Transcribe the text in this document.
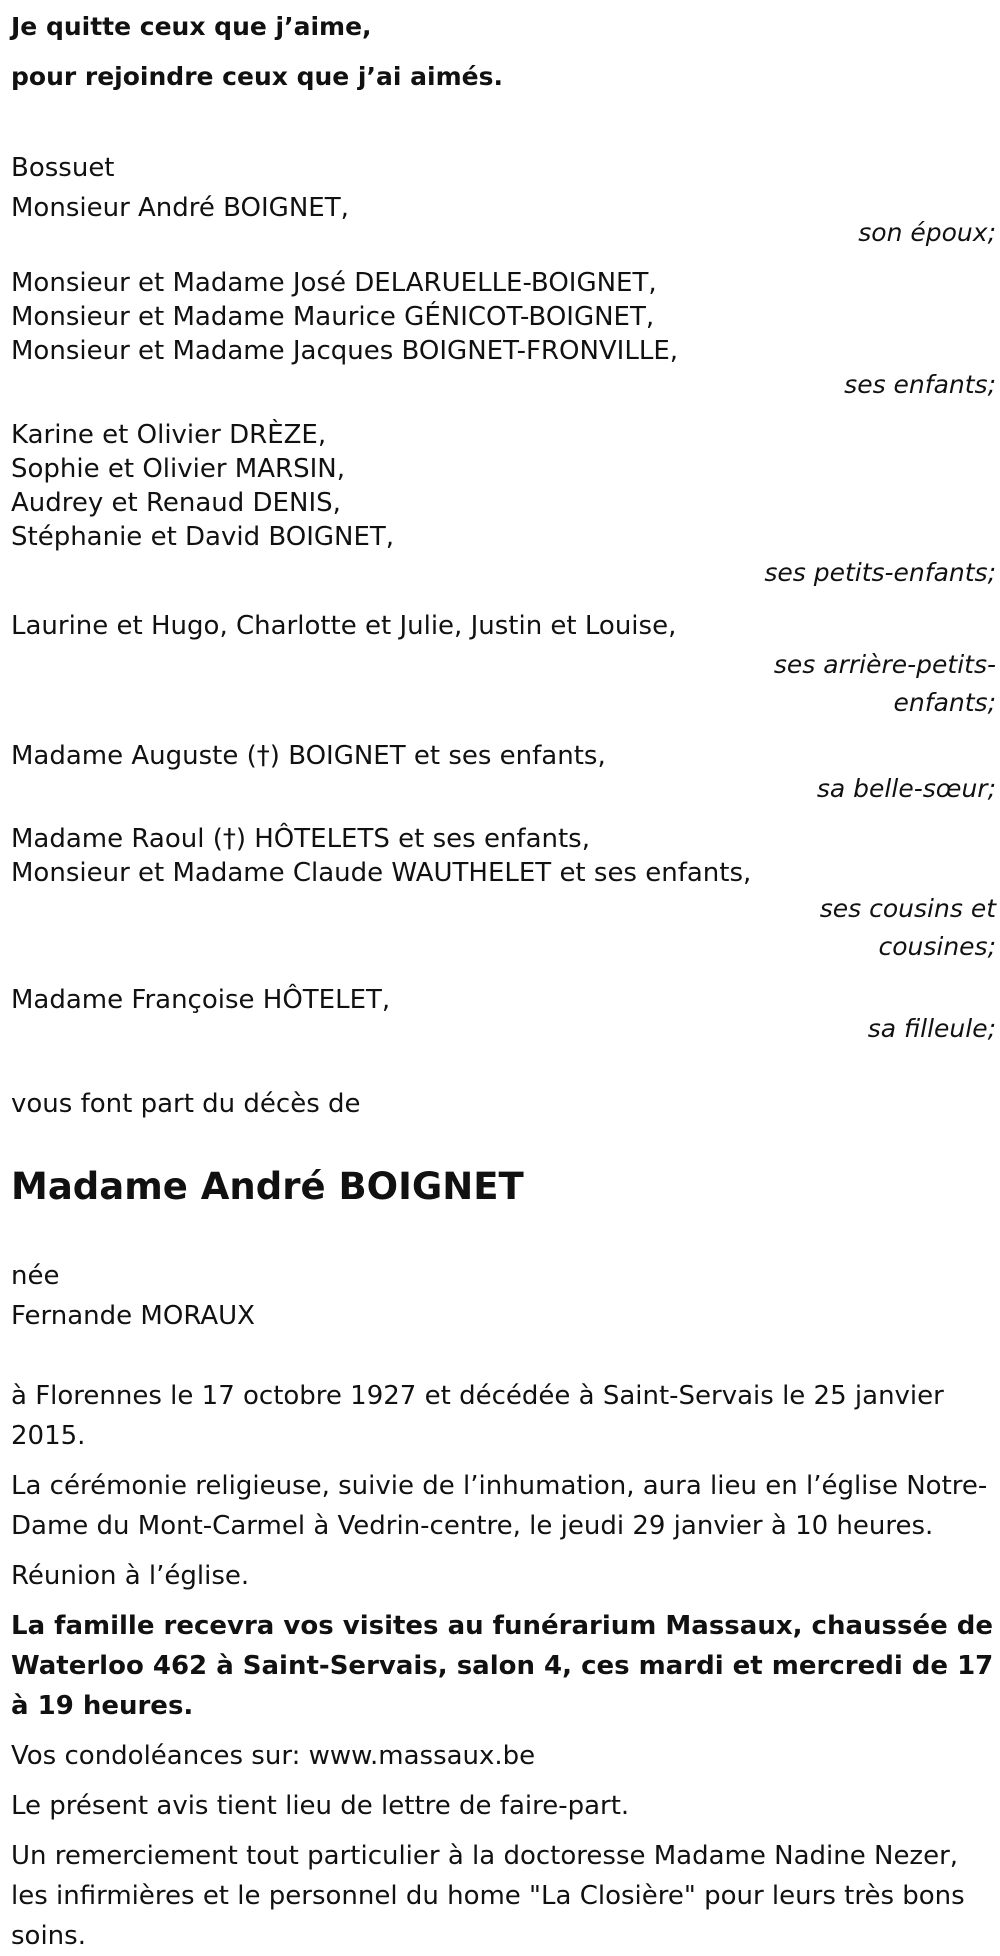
Je quitte ceux que j’aime,
pour rejoindre ceux que j’ai aimés.
Bossuet
Monsieur André BOIGNET,
son époux;
Monsieur et Madame José DELARUELLE-BOIGNET,
Monsieur et Madame Maurice GÉNICOT-BOIGNET,
Monsieur et Madame Jacques BOIGNET-FRONVILLE,
ses enfants;
Karine et Olivier DRÈZE,
Sophie et Olivier MARSIN,
Audrey et Renaud DENIS,
Stéphanie et David BOIGNET,
ses petits-enfants;
Laurine et Hugo, Charlotte et Julie, Justin et Louise,
ses arrière-petits-enfants;
Madame Auguste (†) BOIGNET et ses enfants,
sa belle-sœur;
Madame Raoul (†) HÔTELETS et ses enfants,
Monsieur et Madame Claude WAUTHELET et ses enfants,
ses cousins et cousines;
Madame Françoise HÔTELET,
sa filleule;
vous font part du décès de
Madame André BOIGNET
née
Fernande MORAUX
à Florennes le 17 octobre 1927 et décédée à Saint-Servais le 25 janvier 2015.
La cérémonie religieuse, suivie de l’inhumation, aura lieu en l’église Notre-Dame du Mont-Carmel à Vedrin-centre, le jeudi 29 janvier à 10 heures.
Réunion à l’église.
La famille recevra vos visites au funérarium Massaux, chaussée de Waterloo 462 à Saint-Servais, salon 4, ces mardi et mercredi de 17 à 19 heures.
Vos condoléances sur: www.massaux.be
Le présent avis tient lieu de lettre de faire-part.
Un remerciement tout particulier à la doctoresse Madame Nadine Nezer, les infirmières et le personnel du home "La Closière" pour leurs très bons soins.
